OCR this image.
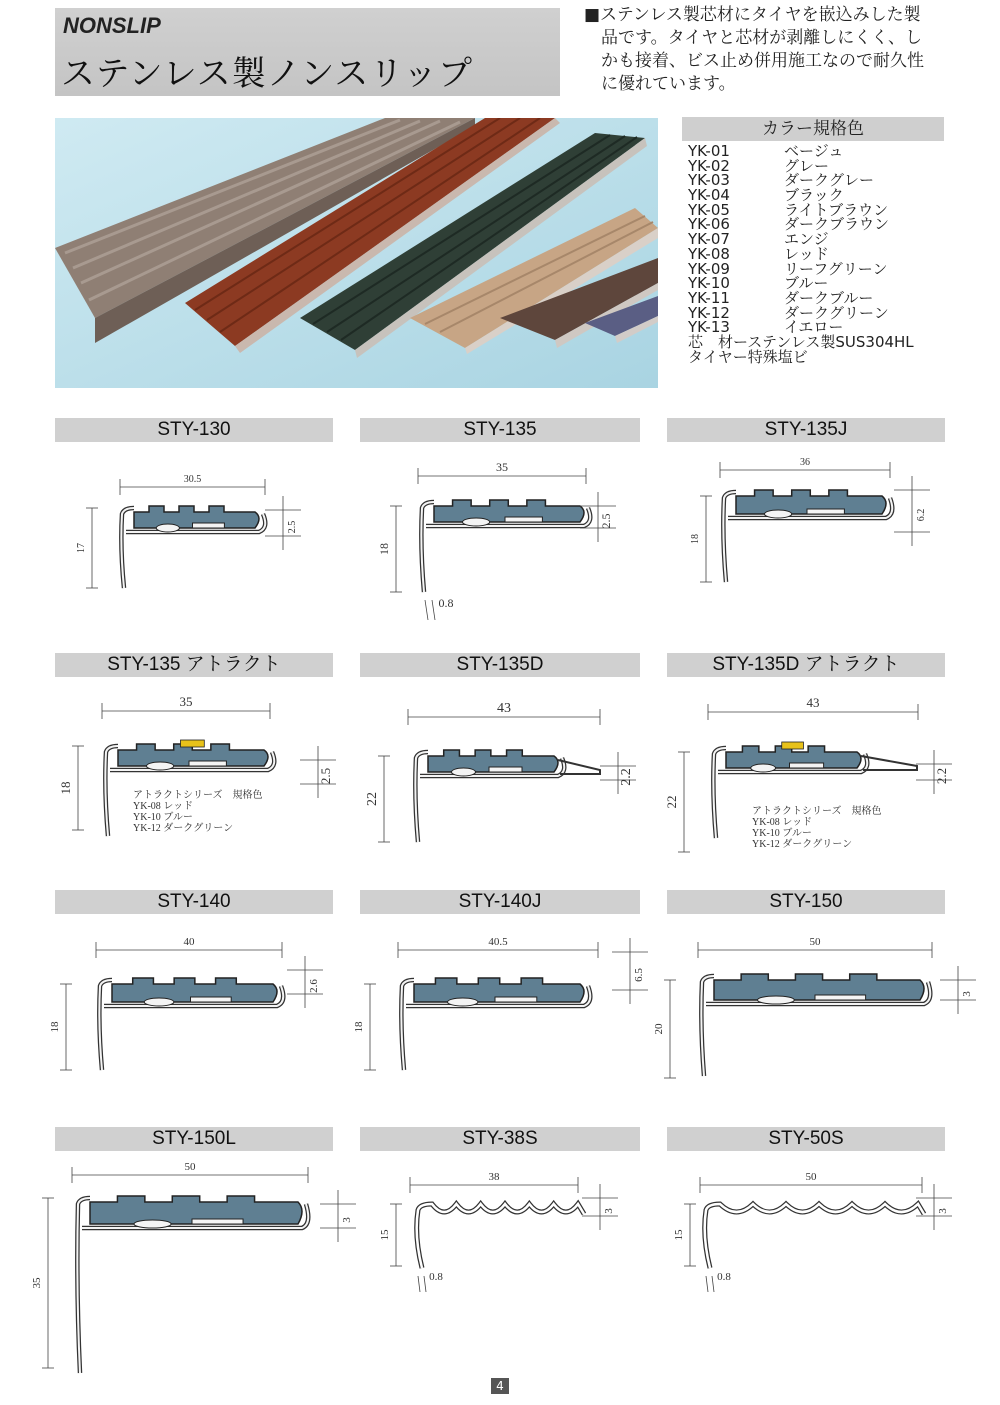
NONSLIP
ステンレス製ノンスリップ
■ステンレス製芯材にタイヤを嵌込みした製
品です。タイヤと芯材が剥離しにくく、し
かも接着、ビス止め併用施工なので耐久性
に優れています。
カラー規格色
YK-01	ベージュ
YK-02	グレー
YK-03	ダークグレー
YK-04	ブラック
YK-05	ライトブラウン
YK-06	ダークブラウン
YK-07	エンジ
YK-08	レッド
YK-09	リーフグリーン
YK-10	ブルー
YK-11	ダークブルー
YK-12	ダークグリーン
YK-13	イエロー
芯　材ーステンレス製SUS304HL
タイヤー特殊塩ビ
STY-130	STY-135	STY-135J
STY-135 アトラクト	STY-135D	STY-135D アトラクト
STY-140	STY-140J	STY-150
STY-150L	STY-38S	STY-50S
30.5
17
2.5
35
18
2.5
0.8
36
18
6.2
35
18
2.5
43
22
2.2
43
22
2.2
アトラクトシリーズ　規格色
YK-08 レッド
YK-10 ブルー
YK-12 ダークグリーン
アトラクトシリーズ　規格色
YK-08 レッド
YK-10 ブルー
YK-12 ダークグリーン
40
18
2.6
40.5
18
6.5
50
20
3
50
35
3
38
15
3
0.8
50
15
3
0.8
4
